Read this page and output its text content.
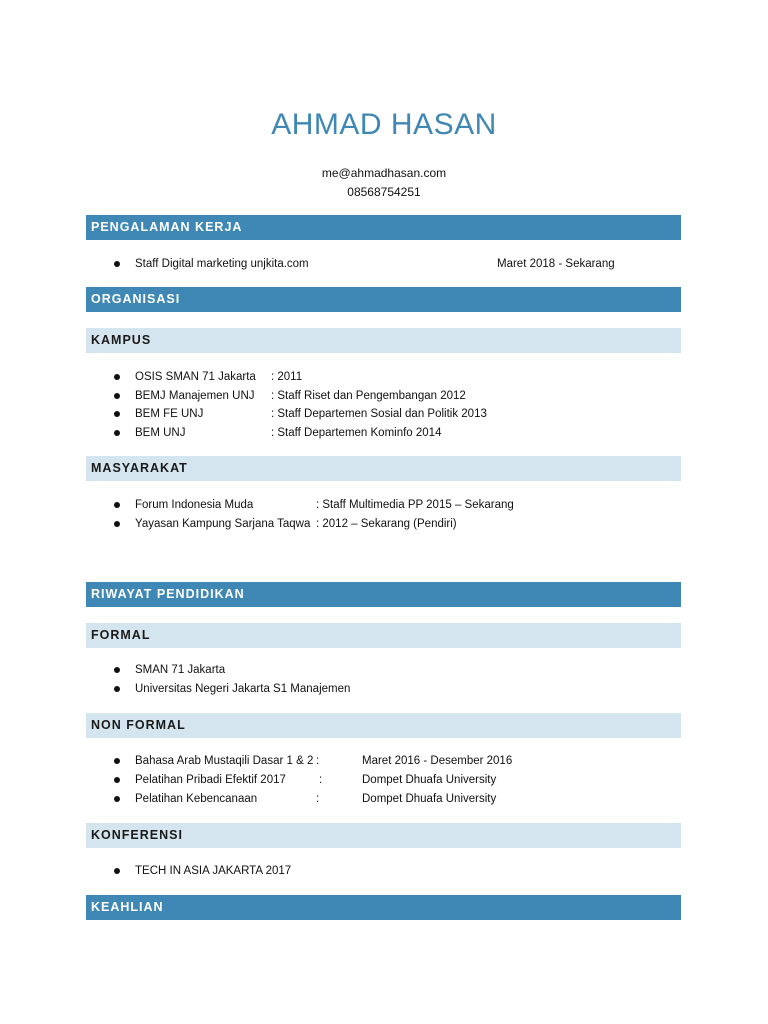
AHMAD HASAN
me@ahmadhasan.com
08568754251
PENGALAMAN KERJA
Staff Digital marketing unjkita.com	Maret 2018 - Sekarang
ORGANISASI
KAMPUS
OSIS SMAN 71 Jakarta : 2011
BEMJ Manajemen UNJ : Staff Riset dan Pengembangan 2012
BEM FE UNJ	: Staff Departemen Sosial dan Politik 2013
BEM UNJ	: Staff Departemen Kominfo 2014
MASYARAKAT
Forum Indonesia Muda	: Staff Multimedia PP 2015 – Sekarang
Yayasan Kampung Sarjana Taqwa : 2012 – Sekarang (Pendiri)
RIWAYAT PENDIDIKAN
FORMAL
SMAN 71 Jakarta
Universitas Negeri Jakarta S1 Manajemen
NON FORMAL
Bahasa Arab Mustaqili Dasar 1 & 2 :	Maret 2016 - Desember 2016
Pelatihan Pribadi Efektif 2017	:	Dompet Dhuafa University
Pelatihan Kebencanaan	:	Dompet Dhuafa University
KONFERENSI
TECH IN ASIA JAKARTA 2017
KEAHLIAN
